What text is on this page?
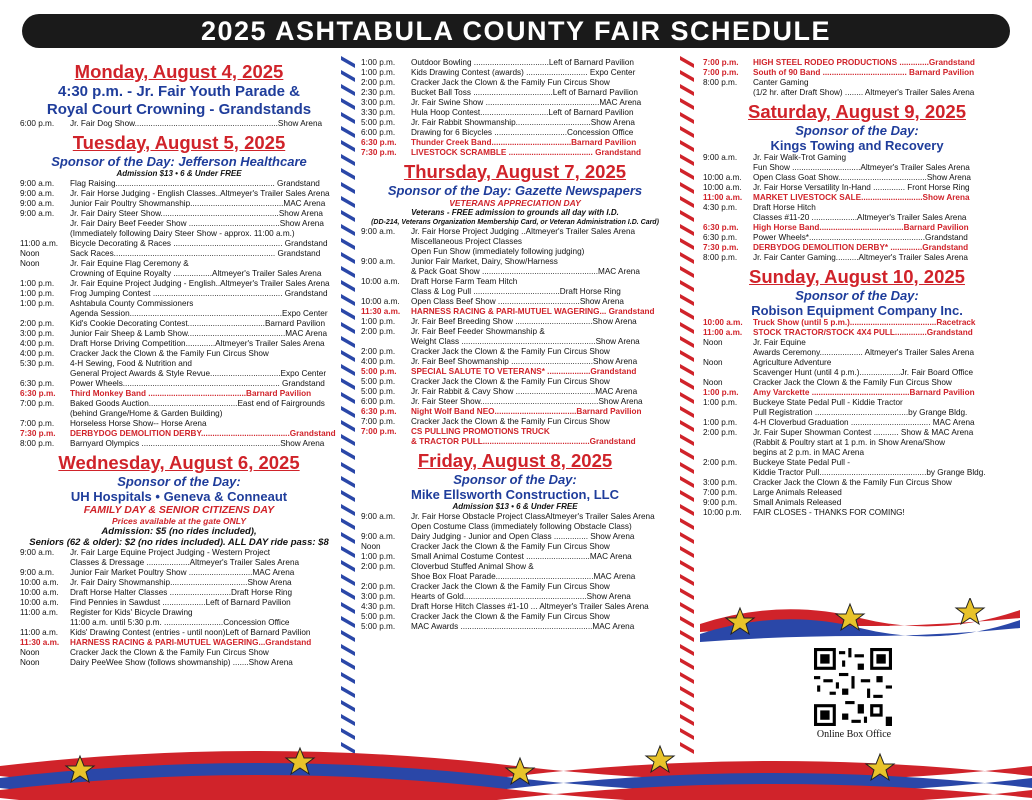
2025 ASHTABULA COUNTY FAIR SCHEDULE
Monday, August 4, 2025
4:30 p.m. - Jr. Fair Youth Parade &
Royal Court Crowning - Grandstands
6:00 p.m.	Jr. Fair Dog Show...............................................................Show Arena
Tuesday, August 5, 2025
Sponsor of the Day: Jefferson Healthcare
Admission $13 • 6 & Under FREE
9:00 a.m.	Flag Raising...................................................................... Grandstand
9:00 a.m.	Jr. Fair Horse Judging - English Classes..Altmeyer's Trailer Sales Arena
9:00 a.m.	Junior Fair Poultry Showmanship.........................................MAC Arena
9:00 a.m.	Jr. Fair Dairy Steer Show....................................................Show Arena
Jr. Fair Dairy Beef Feeder Show ........................................Show Arena
(Immediately following Dairy Steer Show - approx. 11:00 a.m.)
11:00 a.m.	Bicycle Decorating & Races ................................................ Grandstand
Noon	Sack Races....................................................................... Grandstand
Noon	Jr. Fair Equine Flag Ceremony &
Crowning of Equine Royalty .................Altmeyer's Trailer Sales Arena
1:00 p.m.	Jr. Fair Equine Project Judging - English..Altmeyer's Trailer Sales Arena
1:00 p.m.	Frog Jumping Contest ......................................................... Grandstand
1:00 p.m.	Ashtabula County Commissioners
Agenda Session...................................................................Expo Center
2:00 p.m.	Kid's Cookie Decorating Contest..................................Barnard Pavilion
3:00 p.m.	Junior Fair Sheep & Lamb Show...........................................MAC Arena
4:00 p.m.	Draft Horse Driving Competition.............Altmeyer's Trailer Sales Arena
4:00 p.m.	Cracker Jack the Clown & the Family Fun Circus Show
5:30 p.m.	4-H Sewing, Food & Nutrition and
General Project Awards & Style Revue...............................Expo Center
6:30 p.m.	Power Wheels..................................................................... Grandstand
6:30 p.m.	Third Monkey Band ...........................................Barnard Pavilion
7:00 p.m.	Baked Goods Auction.......................................East end of Fairgrounds
(behind Grange/Home & Garden Building)
7:00 p.m.	Horseless Horse Show-- Horse Arena
7:30 p.m.	DERBYDOG DEMOLITION DERBY.......................................Grandstand
8:00 p.m.	Barnyard Olympics .............................................................Show Arena
Wednesday, August 6, 2025
Sponsor of the Day:
UH Hospitals • Geneva & Conneaut
FAMILY DAY & SENIOR CITIZENS DAY
Prices available at the gate ONLY
Admission: $5 (no rides included),
Seniors (62 & older): $2 (no rides included). ALL DAY ride pass: $8
9:00 a.m.	Jr. Fair Large Equine Project Judging - Western Project
Classes & Dressage ...................Altmeyer's Trailer Sales Arena
9:00 a.m.	Junior Fair Market Poultry Show ............................MAC Arena
10:00 a.m.	Jr. Fair Dairy Showmanship..................................Show Arena
10:00 a.m.	Draft Horse Halter Classes ...........................Draft Horse Ring
10:00 a.m.	Find Pennies in Sawdust ...................Left of Barnard Pavilion
11:00 a.m.	Register for Kids' Bicycle Drawing
11:00 a.m. until 5:30 p.m. ..........................Concession Office
11:00 a.m.	Kids' Drawing Contest (entries - until noon)Left of Barnard Pavilion
11:30 a.m.	HARNESS RACING & PARI-MUTUEL WAGERING...Grandstand
Noon	Cracker Jack the Clown & the Family Fun Circus Show
Noon	Dairy PeeWee Show (follows showmanship) .......Show Arena
1:00 p.m.	Outdoor Bowling .................................Left of Barnard Pavilion
1:00 p.m.	Kids Drawing Contest (awards) ........................... Expo Center
2:00 p.m.	Cracker Jack the Clown & the Family Fun Circus Show
2:30 p.m.	Bucket Ball Toss ...................................Left of Barnard Pavilion
3:00 p.m.	Jr. Fair Swine Show ..................................................MAC Arena
3:30 p.m.	Hula Hoop Contest..............................Left of Barnard Pavilion
5:00 p.m.	Jr. Fair Rabbit Showmanship.................................Show Arena
6:00 p.m.	Drawing for 6 Bicycles ................................Concession Office
6:30 p.m.	Thunder Creek Band...................................Barnard Pavilion
7:30 p.m.	LIVESTOCK SCRAMBLE ..................................... Grandstand
Thursday, August 7, 2025
Sponsor of the Day: Gazette Newspapers
VETERANS APPRECIATION DAY
Veterans - FREE admission to grounds all day with I.D.
(DD-214, Veterans Organization Membership Card, or Veteran Administration I.D. Card)
9:00 a.m.	Jr. Fair Horse Project Judging ..Altmeyer's Trailer Sales Arena
Miscellaneous Project Classes
Open Fun Show (immediately following judging)
9:00 a.m.	Junior Fair Market, Dairy, Show/Harness
& Pack Goat Show ...................................................MAC Arena
10:00 a.m.	Draft Horse Farm Team Hitch
Class & Log Pull ......................................Draft Horse Ring
10:00 a.m.	Open Class Beef Show ....................................Show Arena
11:30 a.m.	HARNESS RACING & PARI-MUTUEL WAGERING... Grandstand
1:00 p.m.	Jr. Fair Beef Breeding Show ..................................Show Arena
2:00 p.m.	Jr. Fair Beef Feeder Showmanship &
Weight Class ...........................................................Show Arena
2:00 p.m.	Cracker Jack the Clown & the Family Fun Circus Show
4:00 p.m.	Jr. Fair Beef Showmanship ....................................Show Arena
5:00 p.m.	SPECIAL SALUTE TO VETERANS* ...................Grandstand
5:00 p.m.	Cracker Jack the Clown & the Family Fun Circus Show
5:00 p.m.	Jr. Fair Rabbit & Cavy Show ...................................MAC Arena
6:00 p.m.	Jr. Fair Steer Show....................................................Show Arena
6:30 p.m.	Night Wolf Band NEO....................................Barnard Pavilion
7:00 p.m.	Cracker Jack the Clown & the Family Fun Circus Show
7:00 p.m.	CS PULLING PROMOTIONS TRUCK
& TRACTOR PULL...............................................Grandstand
Friday, August 8, 2025
Sponsor of the Day:
Mike Ellsworth Construction, LLC
Admission $13 • 6 & Under FREE
9:00 a.m.	Jr. Fair Horse Obstacle Project ClassAltmeyer's Trailer Sales Arena
Open Costume Class (immediately following Obstacle Class)
9:00 a.m.	Dairy Judging - Junior and Open Class ............... Show Arena
Noon	Cracker Jack the Clown & the Family Fun Circus Show
1:00 p.m.	Small Animal Costume Contest ............................MAC Arena
2:00 p.m.	Cloverbud Stuffed Animal Show &
Shoe Box Float Parade...........................................MAC Arena
2:00 p.m.	Cracker Jack the Clown & the Family Fun Circus Show
3:00 p.m.	Hearts of Gold......................................................Show Arena
4:30 p.m.	Draft Horse Hitch Classes #1-10 ... Altmeyer's Trailer Sales Arena
5:00 p.m.	Cracker Jack the Clown & the Family Fun Circus Show
5:00 p.m.	MAC Awards ..........................................................MAC Arena
7:00 p.m.	HIGH STEEL RODEO PRODUCTIONS .............Grandstand
7:00 p.m.	South of 90 Band ..................................... Barnard Pavilion
8:00 p.m.	Canter Gaming
(1/2 hr. after Draft Show) ........ Altmeyer's Trailer Sales Arena
Saturday, August 9, 2025
Sponsor of the Day:
Kings Towing and Recovery
9:00 a.m.	Jr. Fair Walk-Trot Gaming
Fun Show ..............................Altmeyer's Trailer Sales Arena
10:00 a.m.	Open Class Goat Show.......................................Show Arena
10:00 a.m.	Jr. Fair Horse Versatility In-Hand .............. Front Horse Ring
11:00 a.m.	MARKET LIVESTOCK SALE...........................Show Arena
4:30 p.m.	Draft Horse Hitch
Classes #11-20 ....................Altmeyer's Trailer Sales Arena
6:30 p.m.	High Horse Band.....................................Barnard Pavilion
6:30 p.m.	Power Wheels*...................................................Grandstand
7:30 p.m.	DERBYDOG DEMOLITION DERBY* ..............Grandstand
8:00 p.m.	Jr. Fair Canter Gaming..........Altmeyer's Trailer Sales Arena
Sunday, August 10, 2025
Sponsor of the Day:
Robison Equipment Company Inc.
10:00 a.m.	Truck Show (until 5 p.m.)......................................Racetrack
11:00 a.m.	STOCK TRACTOR/STOCK 4X4 PULL..............Grandstand
Noon	Jr. Fair Equine
Awards Ceremony................... Altmeyer's Trailer Sales Arena
Noon	Agriculture Adventure
Scavenger Hunt (until 4 p.m.)..................Jr. Fair Board Office
Noon	Cracker Jack the Clown & the Family Fun Circus Show
1:00 p.m.	Amy Varckette ...........................................Barnard Pavilion
1:00 p.m.	Buckeye State Pedal Pull - Kiddie Tractor
Pull Registration .........................................by Grange Bldg.
1:00 p.m.	4-H Cloverbud Graduation ................................... MAC Arena
2:00 p.m.	Jr. Fair Super Showman Contest ........... Show & MAC Arena
(Rabbit & Poultry start at 1 p.m. in Show Arena/Show
begins at 2 p.m. in MAC Arena
2:00 p.m.	Buckeye State Pedal Pull -
Kiddie Tractor Pull...............................................by Grange Bldg.
3:00 p.m.	Cracker Jack the Clown & the Family Fun Circus Show
7:00 p.m.	Large Animals Released
9:00 p.m.	Small Animals Released
10:00 p.m.	FAIR CLOSES - THANKS FOR COMING!
Online Box Office
